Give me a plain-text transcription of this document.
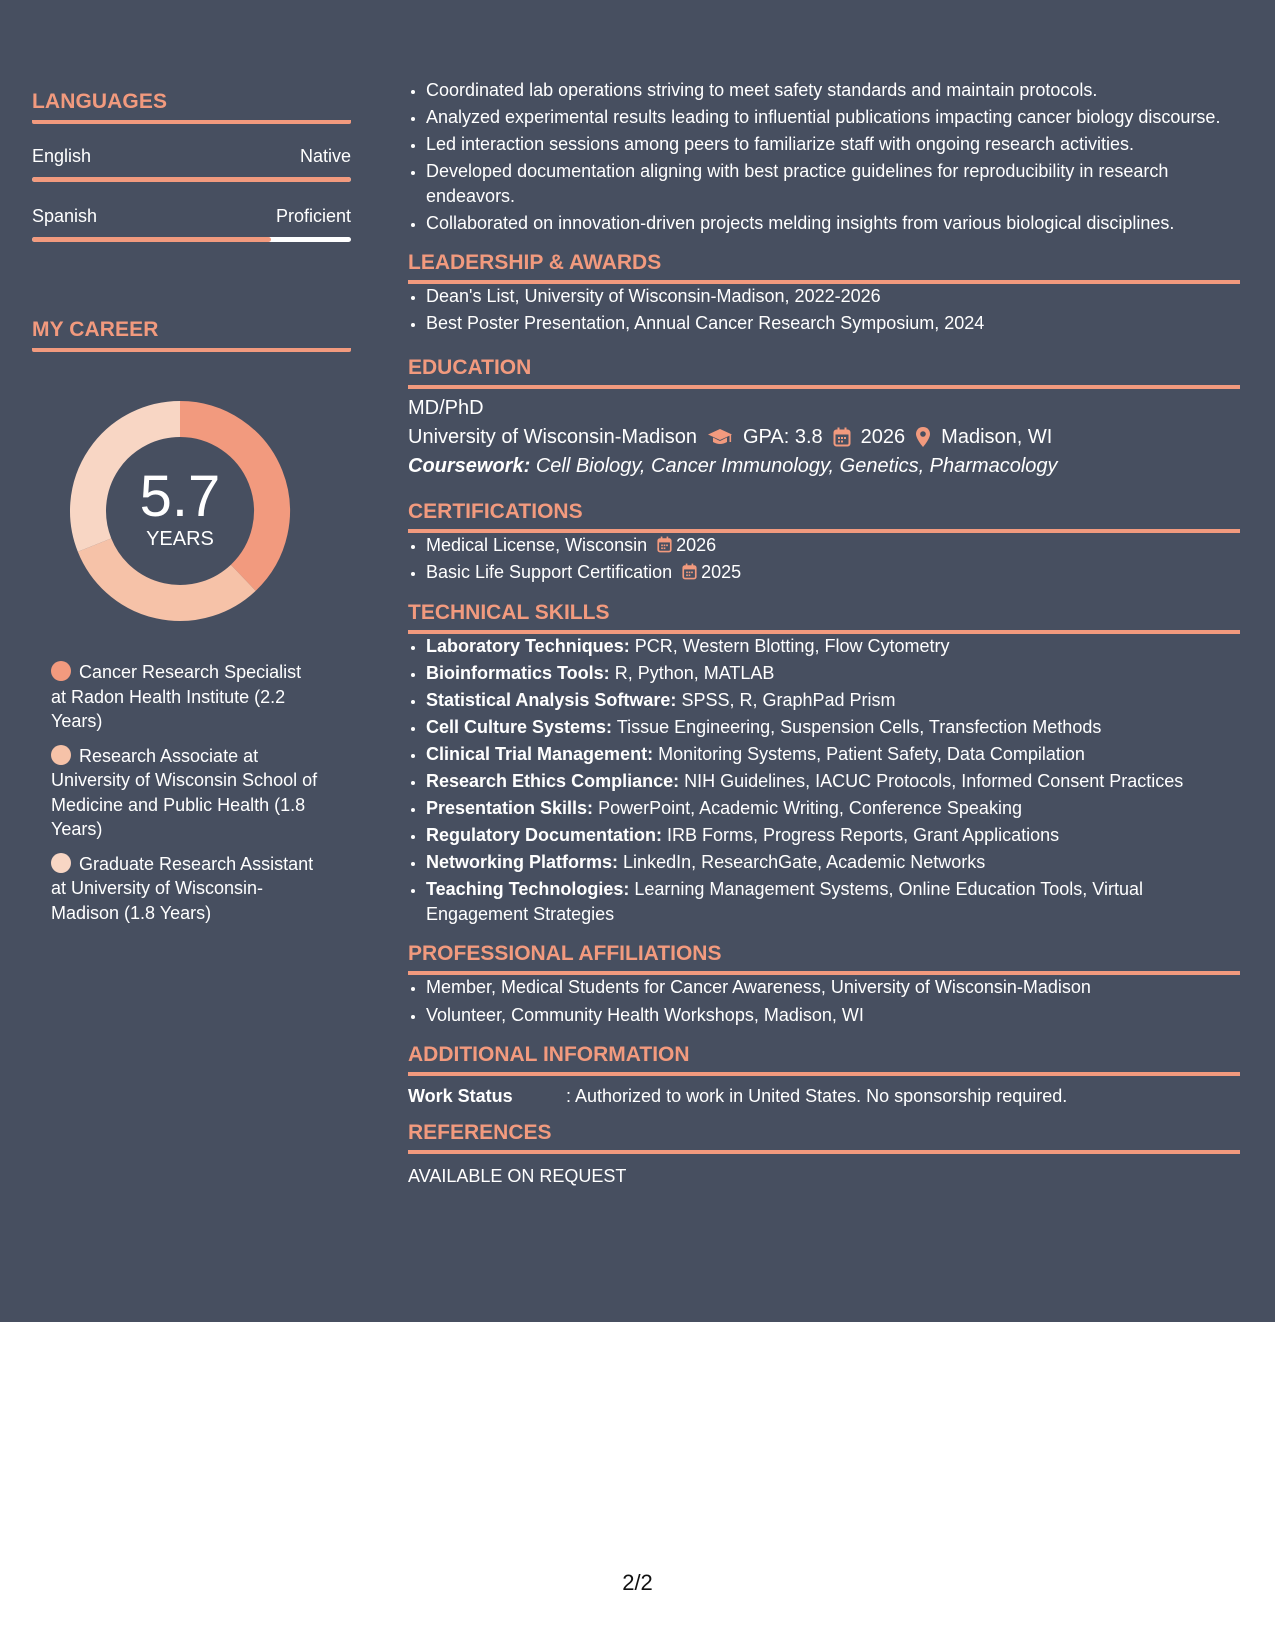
LANGUAGES
English	Native
Spanish	Proficient
MY CAREER
5.7
YEARS
Cancer Research Specialist at Radon Health Institute (2.2 Years)
Research Associate at University of Wisconsin School of Medicine and Public Health (1.8 Years)
Graduate Research Assistant at University of Wisconsin-Madison (1.8 Years)
• Coordinated lab operations striving to meet safety standards and maintain protocols.
• Analyzed experimental results leading to influential publications impacting cancer biology discourse.
• Led interaction sessions among peers to familiarize staff with ongoing research activities.
• Developed documentation aligning with best practice guidelines for reproducibility in research endeavors.
• Collaborated on innovation-driven projects melding insights from various biological disciplines.
LEADERSHIP & AWARDS
• Dean's List, University of Wisconsin-Madison, 2022-2026
• Best Poster Presentation, Annual Cancer Research Symposium, 2024
EDUCATION
MD/PhD
University of Wisconsin-Madison GPA: 3.8 2026 Madison, WI
Coursework: Cell Biology, Cancer Immunology, Genetics, Pharmacology
CERTIFICATIONS
• Medical License, Wisconsin 2026
• Basic Life Support Certification 2025
TECHNICAL SKILLS
• Laboratory Techniques: PCR, Western Blotting, Flow Cytometry
• Bioinformatics Tools: R, Python, MATLAB
• Statistical Analysis Software: SPSS, R, GraphPad Prism
• Cell Culture Systems: Tissue Engineering, Suspension Cells, Transfection Methods
• Clinical Trial Management: Monitoring Systems, Patient Safety, Data Compilation
• Research Ethics Compliance: NIH Guidelines, IACUC Protocols, Informed Consent Practices
• Presentation Skills: PowerPoint, Academic Writing, Conference Speaking
• Regulatory Documentation: IRB Forms, Progress Reports, Grant Applications
• Networking Platforms: LinkedIn, ResearchGate, Academic Networks
• Teaching Technologies: Learning Management Systems, Online Education Tools, Virtual Engagement Strategies
PROFESSIONAL AFFILIATIONS
• Member, Medical Students for Cancer Awareness, University of Wisconsin-Madison
• Volunteer, Community Health Workshops, Madison, WI
ADDITIONAL INFORMATION
Work Status	: Authorized to work in United States. No sponsorship required.
REFERENCES
AVAILABLE ON REQUEST
2/2
